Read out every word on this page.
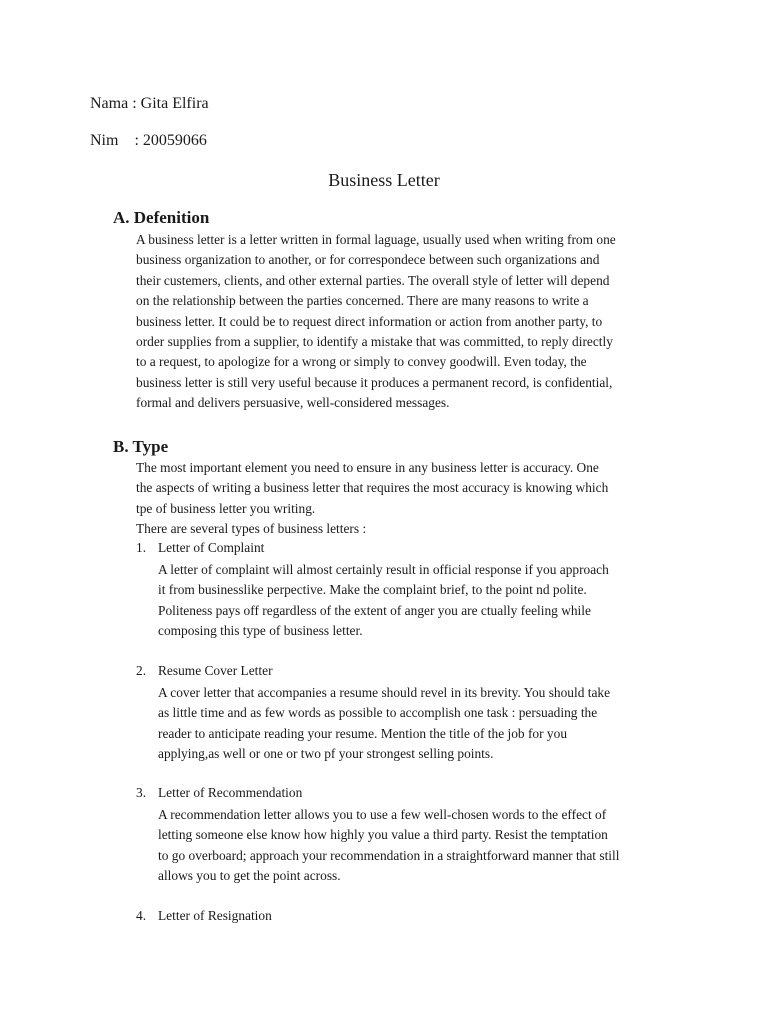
Nama : Gita Elfira
Nim    : 20059066
Business Letter
A. Defenition
A business letter is a letter written in formal laguage, usually used when writing from one
business organization to another, or for correspondece between such organizations and
their custemers, clients, and other external parties. The overall style of letter will depend
on the relationship between the parties concerned. There are many reasons to write a
business letter. It could be to request direct information or action from another party, to
order supplies from a supplier, to identify a mistake that was committed, to reply directly
to a request, to apologize for a wrong or simply to convey goodwill. Even today, the
business letter is still very useful because it produces a permanent record, is confidential,
formal and delivers persuasive, well-considered messages.
B. Type
The most important element you need to ensure in any business letter is accuracy. One
the aspects of writing a business letter that requires the most accuracy is knowing which
tpe of business letter you writing.
There are several types of business letters :
1. Letter of Complaint
A letter of complaint will almost certainly result in official response if you approach
it from businesslike perpective. Make the complaint brief, to the point nd polite.
Politeness pays off regardless of the extent of anger you are ctually feeling while
composing this type of business letter.
2. Resume Cover Letter
A cover letter that accompanies a resume should revel in its brevity. You should take
as little time and as few words as possible to accomplish one task : persuading the
reader to anticipate reading your resume. Mention the title of the job for you
applying,as well or one or two pf your strongest selling points.
3. Letter of Recommendation
A recommendation letter allows you to use a few well-chosen words to the effect of
letting someone else know how highly you value a third party. Resist the temptation
to go overboard; approach your recommendation in a straightforward manner that still
allows you to get the point across.
4. Letter of Resignation
